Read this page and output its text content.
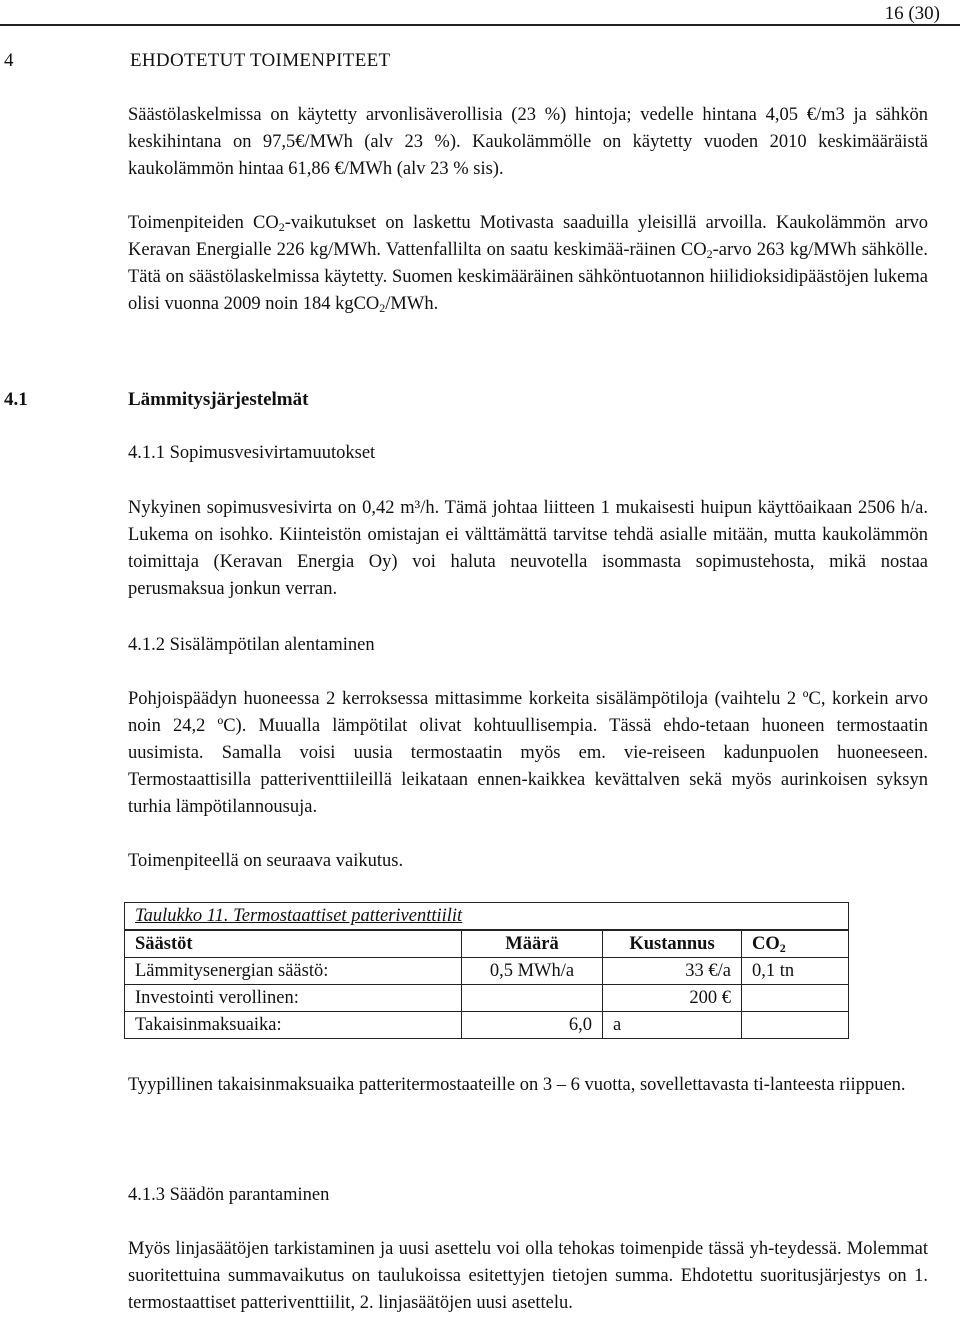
16 (30)
4	EHDOTETUT TOIMENPITEET

Säästölaskelmissa on käytetty arvonlisäverollisia (23 %) hintoja; vedelle hintana 4,05 €/m3 ja sähkön keskihintana on 97,5€/MWh (alv 23 %). Kaukolämmölle on käytetty vuoden 2010 keskimääräistä kaukolämmön hintaa 61,86 €/MWh (alv 23 % sis).

Toimenpiteiden $CO_2$-vaikutukset on laskettu Motivasta saaduilla yleisillä arvoilla. Kaukolämmön arvo Keravan Energialle 226 kg/MWh. Vattenfallilta on saatu keskimää-räinen $CO_2$-arvo 263 kg/MWh sähkölle. Tätä on säästölaskelmissa käytetty. Suomen keskimääräinen sähköntuotannon hiilidioksidipäästöjen lukema olisi vuonna 2009 noin 184 kgCO$_2$/MWh.

4.1	Lämmitysjärjestelmät
4.1.1 Sopimusvesivirtamuutokset

Nykyinen sopimusvesivirta on 0,42 m³/h. Tämä johtaa liitteen 1 mukaisesti huipun käyttöaikaan 2506 h/a. Lukema on isohko. Kiinteistön omistajan ei välttämättä tarvitse tehdä asialle mitään, mutta kaukolämmön toimittaja (Keravan Energia Oy) voi haluta neuvotella isommasta sopimustehosta, mikä nostaa perusmaksua jonkun verran.

4.1.2 Sisälämpötilan alentaminen

Pohjoispäädyn huoneessa 2 kerroksessa mittasimme korkeita sisälämpötiloja (vaihtelu 2 ºC, korkein arvo noin 24,2 ºC). Muualla lämpötilat olivat kohtuullisempia. Tässä ehdo-tetaan huoneen termostaatin uusimista. Samalla voisi uusia termostaatin myös em. vie-reiseen kadunpuolen huoneeseen. Termostaattisilla patteriventtiileillä leikataan ennen-kaikkea kevättalven sekä myös aurinkoisen syksyn turhia lämpötilannousuja.

Toimenpiteellä on seuraava vaikutus.

Taulukko 11. Termostaattiset patteriventtiilit			
Säästöt	Määrä	Kustannus	$CO_2$
Lämmitysenergian säästö:	0,5 MWh/a	33 €/a	0,1 tn
Investointi verollinen:		200 €	
Takaisinmaksuaika:	6,0	a	

Tyypillinen takaisinmaksuaika patteritermostaateille on 3 – 6 vuotta, sovellettavasta ti-lanteesta riippuen.

4.1.3 Säädön parantaminen

Myös linjasäätöjen tarkistaminen ja uusi asettelu voi olla tehokas toimenpide tässä yh-teydessä. Molemmat suoritettuina summavaikutus on taulukoissa esitettyjen tietojen summa. Ehdotettu suoritusjärjestys on 1. termostaattiset patteriventtiilit, 2. linjasäätöjen uusi asettelu.
